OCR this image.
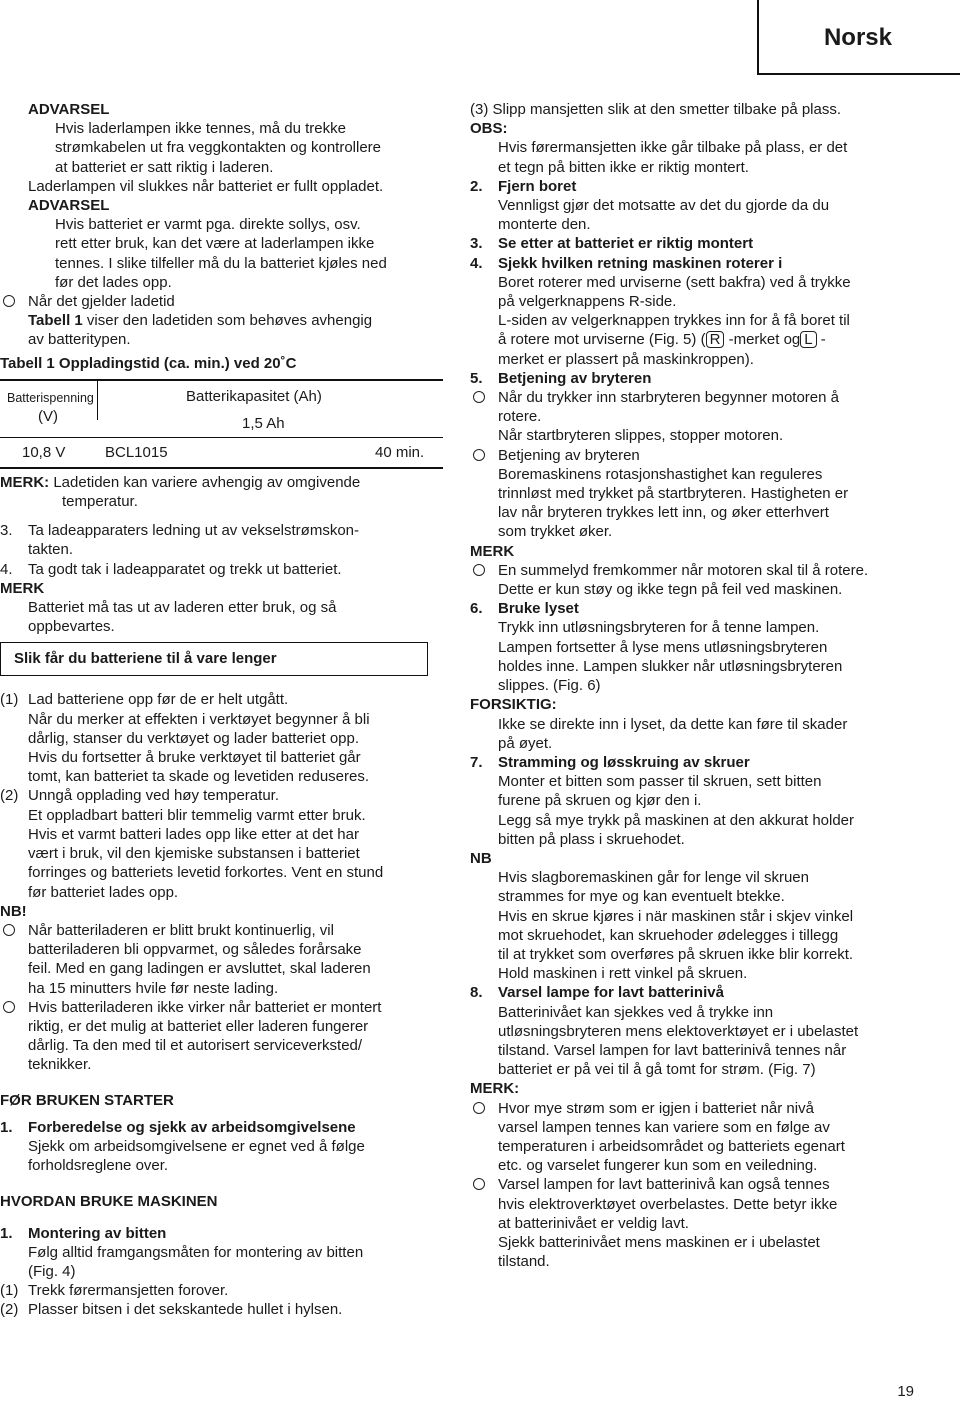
Norsk
ADVARSEL
Hvis laderlampen ikke tennes, må du trekke
strømkabelen ut fra veggkontakten og kontrollere
at batteriet er satt riktig i laderen.
Laderlampen vil slukkes når batteriet er fullt oppladet.
ADVARSEL
Hvis batteriet er varmt pga. direkte sollys, osv.
rett etter bruk, kan det være at laderlampen ikke
tennes. I slike tilfeller må du la batteriet kjøles ned
før det lades opp.
Når det gjelder ladetid
Tabell 1 viser den ladetiden som behøves avhengig
av batteritypen.
Tabell 1 Oppladingstid (ca. min.) ved 20˚C
Batterispenning
(V)
Batterikapasitet (Ah)
1,5 Ah
10,8 V	BCL1015	40 min.
MERK: Ladetiden kan variere avhengig av omgivende
temperatur.
3. Ta ladeapparaters ledning ut av vekselstrømskon-
takten.
4. Ta godt tak i ladeapparatet og trekk ut batteriet.
MERK
Batteriet må tas ut av laderen etter bruk, og så
oppbevartes.
Slik får du batteriene til å vare lenger
(1) Lad batteriene opp før de er helt utgått.
Når du merker at effekten i verktøyet begynner å bli
dårlig, stanser du verktøyet og lader batteriet opp.
Hvis du fortsetter å bruke verktøyet til batteriet går
tomt, kan batteriet ta skade og levetiden reduseres.
(2) Unngå opplading ved høy temperatur.
Et oppladbart batteri blir temmelig varmt etter bruk.
Hvis et varmt batteri lades opp like etter at det har
vært i bruk, vil den kjemiske substansen i batteriet
forringes og batteriets levetid forkortes. Vent en stund
før batteriet lades opp.
NB!
Når batteriladeren er blitt brukt kontinuerlig, vil
batteriladeren bli oppvarmet, og således forårsake
feil. Med en gang ladingen er avsluttet, skal laderen
ha 15 minutters hvile før neste lading.
Hvis batteriladeren ikke virker når batteriet er montert
riktig, er det mulig at batteriet eller laderen fungerer
dårlig. Ta den med til et autorisert serviceverksted/
teknikker.
FØR BRUKEN STARTER
1. Forberedelse og sjekk av arbeidsomgivelsene
Sjekk om arbeidsomgivelsene er egnet ved å følge
forholdsreglene over.
HVORDAN BRUKE MASKINEN
1. Montering av bitten
Følg alltid framgangsmåten for montering av bitten
(Fig. 4)
(1) Trekk førermansjetten forover.
(2) Plasser bitsen i det sekskantede hullet i hylsen.
(3) Slipp mansjetten slik at den smetter tilbake på plass.
OBS:
Hvis førermansjetten ikke går tilbake på plass, er det
et tegn på bitten ikke er riktig montert.
2. Fjern boret
Vennligst gjør det motsatte av det du gjorde da du
monterte den.
3. Se etter at batteriet er riktig montert
4. Sjekk hvilken retning maskinen roterer i
Boret roterer med urviserne (sett bakfra) ved å trykke
på velgerknappens R-side.
L-siden av velgerknappen trykkes inn for å få boret til
å rotere mot urviserne (Fig. 5) ( R -merket og L -
merket er plassert på maskinkroppen).
5. Betjening av bryteren
Når du trykker inn starbryteren begynner motoren å
rotere.
Når startbryteren slippes, stopper motoren.
Betjening av bryteren
Boremaskinens rotasjonshastighet kan reguleres
trinnløst med trykket på startbryteren. Hastigheten er
lav når bryteren trykkes lett inn, og øker etterhvert
som trykket øker.
MERK
En summelyd fremkommer når motoren skal til å rotere.
Dette er kun støy og ikke tegn på feil ved maskinen.
6. Bruke lyset
Trykk inn utløsningsbryteren for å tenne lampen.
Lampen fortsetter å lyse mens utløsningsbryteren
holdes inne. Lampen slukker når utløsningsbryteren
slippes. (Fig. 6)
FORSIKTIG:
Ikke se direkte inn i lyset, da dette kan føre til skader
på øyet.
7. Stramming og løsskruing av skruer
Monter et bitten som passer til skruen, sett bitten
furene på skruen og kjør den i.
Legg så mye trykk på maskinen at den akkurat holder
bitten på plass i skruehodet.
NB
Hvis slagboremaskinen går for lenge vil skruen
strammes for mye og kan eventuelt btekke.
Hvis en skrue kjøres i när maskinen står i skjev vinkel
mot skruehodet, kan skruehoder ødelegges i tillegg
til at trykket som overføres på skruen ikke blir korrekt.
Hold maskinen i rett vinkel på skruen.
8. Varsel lampe for lavt batterinivå
Batterinivået kan sjekkes ved å trykke inn
utløsningsbryteren mens elektoverktøyet er i ubelastet
tilstand. Varsel lampen for lavt batterinivå tennes når
batteriet er på vei til å gå tomt for strøm. (Fig. 7)
MERK:
Hvor mye strøm som er igjen i batteriet når nivå
varsel lampen tennes kan variere som en følge av
temperaturen i arbeidsområdet og batteriets egenart
etc. og varselet fungerer kun som en veiledning.
Varsel lampen for lavt batterinivå kan også tennes
hvis elektroverktøyet overbelastes. Dette betyr ikke
at batterinivået er veldig lavt.
Sjekk batterinivået mens maskinen er i ubelastet
tilstand.
19
